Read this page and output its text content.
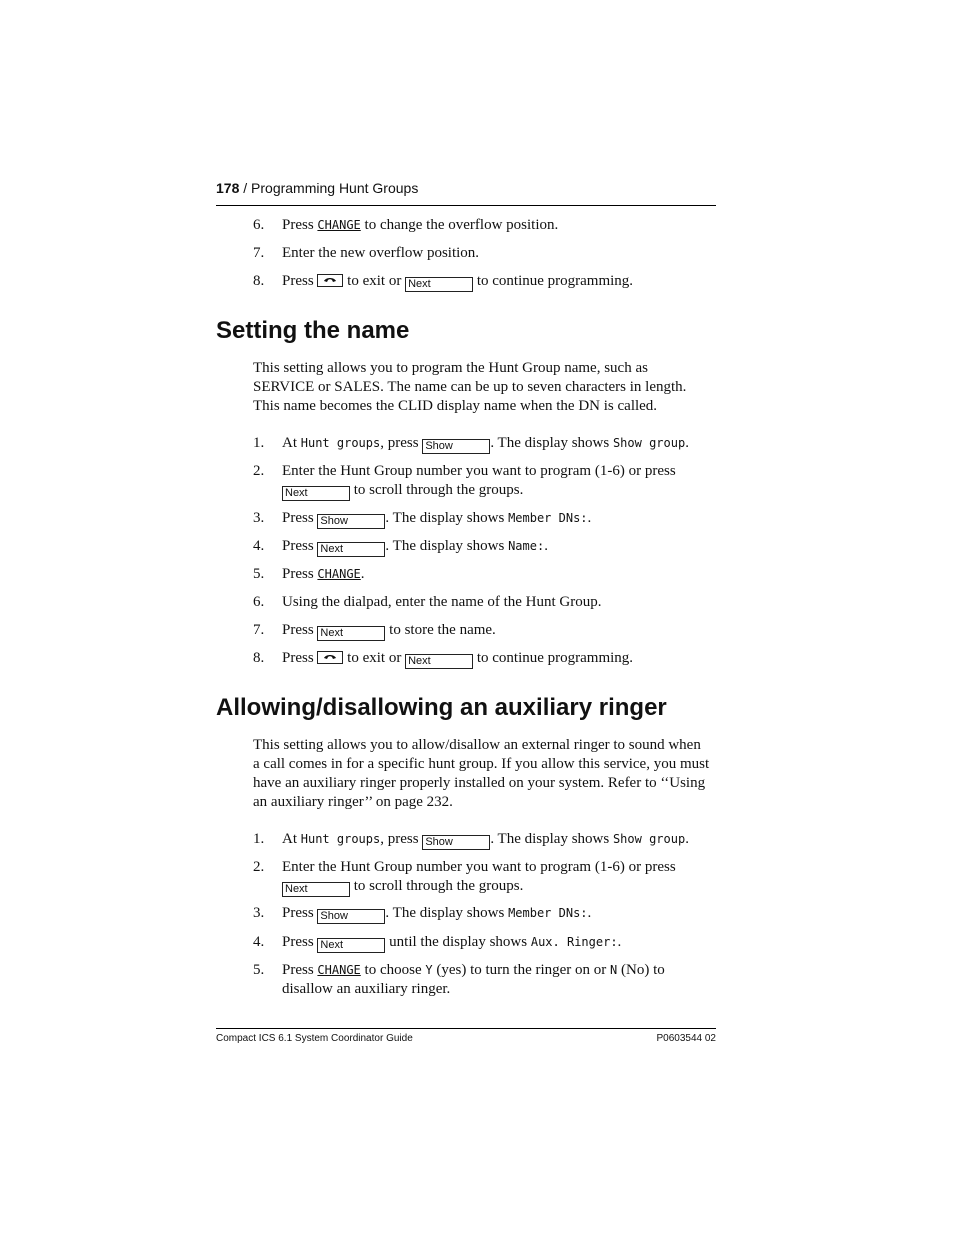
178 / Programming Hunt Groups
6. Press CHANGE to change the overflow position.
7. Enter the new overflow position.
8. Press
to exit or Next	to continue programming.
Setting the name
This setting allows you to program the Hunt Group name, such as
SERVICE or SALES. The name can be up to seven characters in length.
This name becomes the CLID display name when the DN is called.
1. At Hunt groups, press Show . The display shows Show group.
2. Enter the Hunt Group number you want to program (1-6) or press
Next	to scroll through the groups.
3. Press Show . The display shows Member DNs:.
4. Press Next	. The display shows Name:.
5. Press CHANGE.
6. Using the dialpad, enter the name of the Hunt Group.
7. Press Next	to store the name.
8. Press
to exit or Next	to continue programming.
Allowing/disallowing an auxiliary ringer
This setting allows you to allow/disallow an external ringer to sound when
a call comes in for a specific hunt group. If you allow this service, you must
have an auxiliary ringer properly installed on your system. Refer to ‘‘Using
an auxiliary ringer’’ on page 232.
1. At Hunt groups, press Show . The display shows Show group.
2. Enter the Hunt Group number you want to program (1-6) or press
Next	to scroll through the groups.
3. Press Show . The display shows Member DNs:.
4. Press Next	until the display shows Aux. Ringer:.
5. Press CHANGE to choose Y (yes) to turn the ringer on or N (No) to
disallow an auxiliary ringer.
Compact ICS 6.1 System Coordinator Guide	P0603544 02
